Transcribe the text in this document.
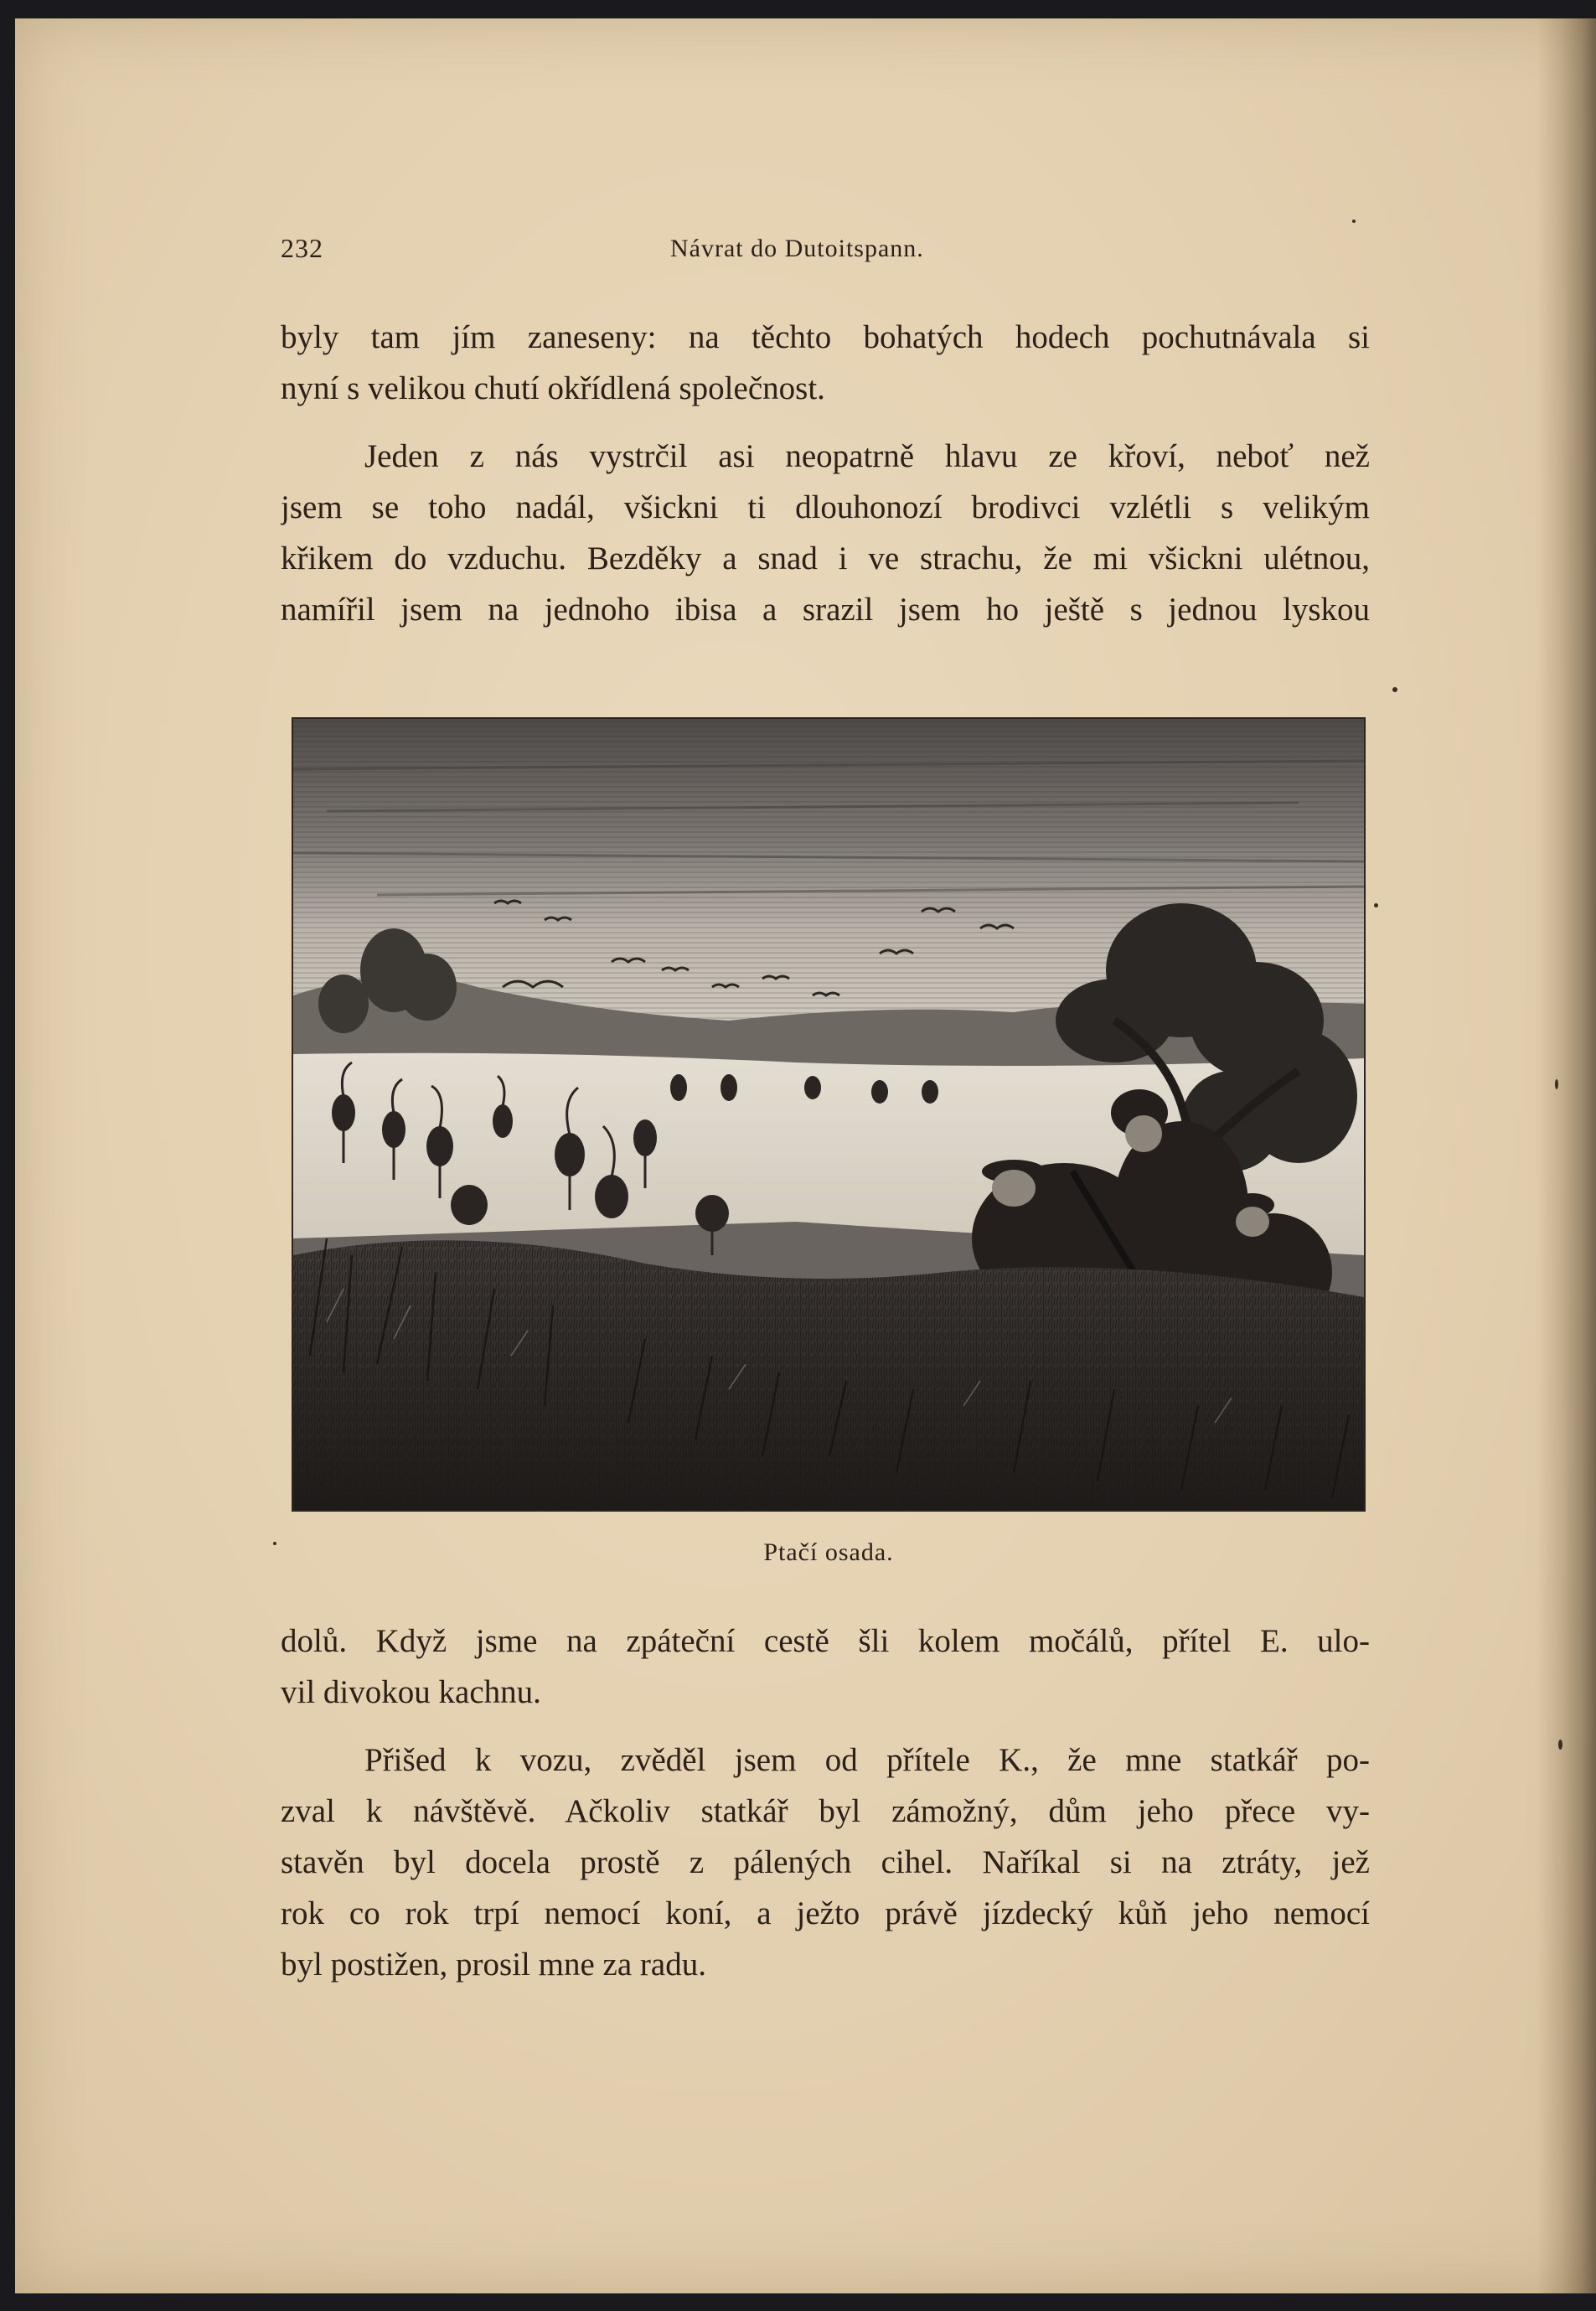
232	Návrat do Dutoitspann.
byly tam jím zaneseny: na těchto bohatých hodech pochutnávala si
nyní s velikou chutí okřídlená společnost.
Jeden z nás vystrčil asi neopatrně hlavu ze křoví, neboť než
jsem se toho nadál, všickni ti dlouhonozí brodivci vzlétli s velikým
křikem do vzduchu. Bezděky a snad i ve strachu, že mi všickni ulétnou,
namířil jsem na jednoho ibisa a srazil jsem ho ještě s jednou lyskou
Ptačí osada.
dolů. Když jsme na zpáteční cestě šli kolem močálů, přítel E. ulo-
vil divokou kachnu.
Přišed k vozu, zvěděl jsem od přítele K., že mne statkář po-
zval k návštěvě. Ačkoliv statkář byl zámožný, dům jeho přece vy-
stavěn byl docela prostě z pálených cihel. Naříkal si na ztráty, jež
rok co rok trpí nemocí koní, a ježto právě jízdecký kůň jeho nemocí
byl postižen, prosil mne za radu.
